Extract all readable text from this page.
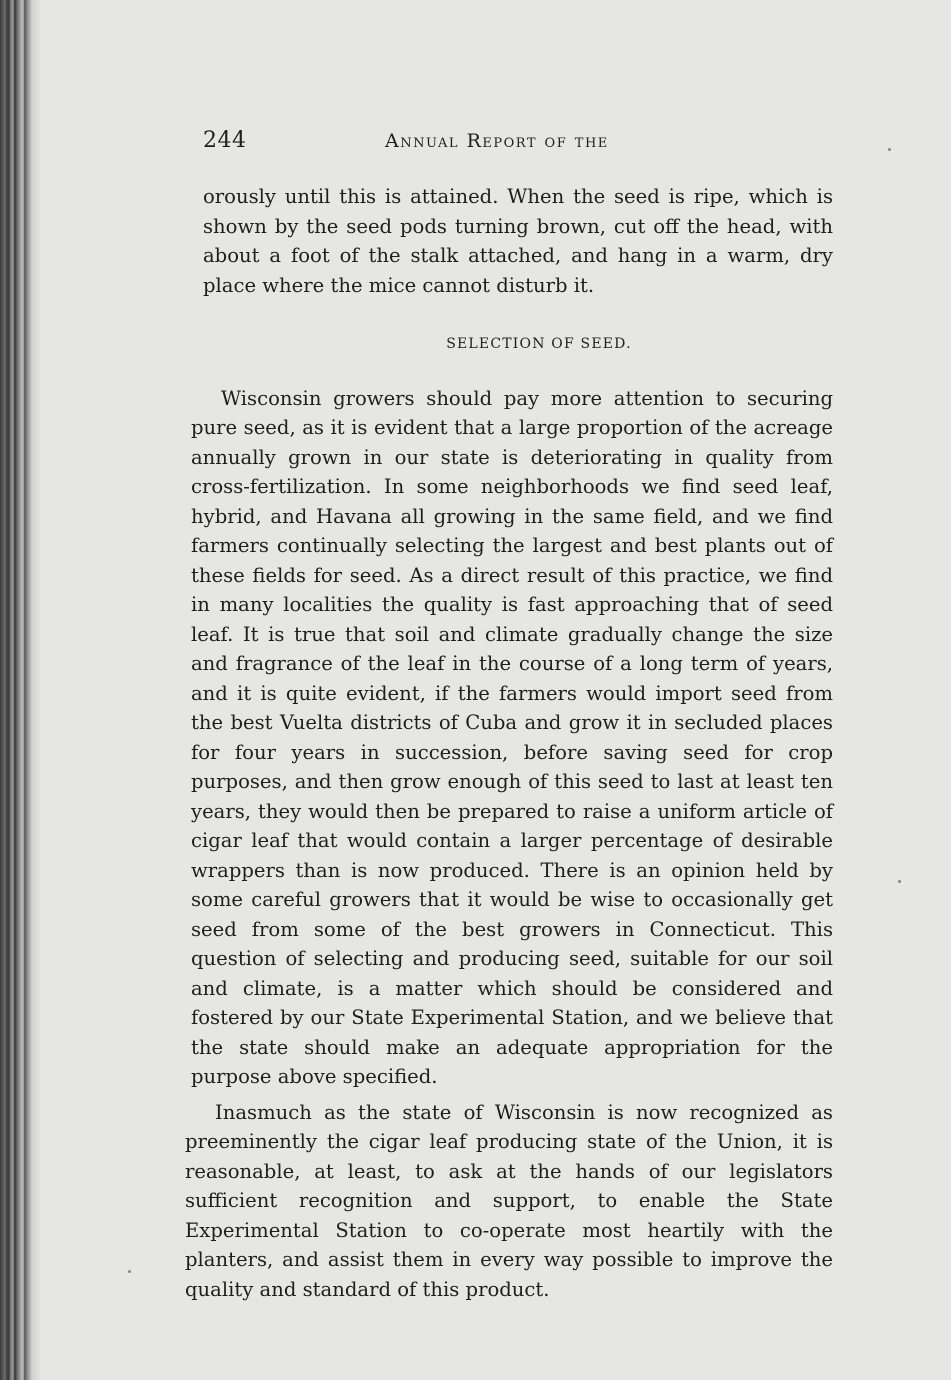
244	Annual Report of the

orously until this is attained. When the seed is ripe, which is shown by the seed pods turning brown, cut off the head, with about a foot of the stalk attached, and hang in a warm, dry place where the mice cannot disturb it.

SELECTION OF SEED.

Wisconsin growers should pay more attention to securing pure seed, as it is evident that a large proportion of the acreage annually grown in our state is deteriorating in quality from cross-fertilization. In some neighborhoods we find seed leaf, hybrid, and Havana all growing in the same field, and we find farmers continually selecting the largest and best plants out of these fields for seed. As a direct result of this practice, we find in many localities the quality is fast approaching that of seed leaf. It is true that soil and climate gradually change the size and fragrance of the leaf in the course of a long term of years, and it is quite evident, if the farmers would import seed from the best Vuelta districts of Cuba and grow it in secluded places for four years in succession, before saving seed for crop purposes, and then grow enough of this seed to last at least ten years, they would then be prepared to raise a uniform article of cigar leaf that would contain a larger percentage of desirable wrappers than is now produced. There is an opinion held by some careful growers that it would be wise to occasionally get seed from some of the best growers in Connecticut. This question of selecting and producing seed, suitable for our soil and climate, is a matter which should be considered and fostered by our State Experimental Station, and we believe that the state should make an adequate appropriation for the purpose above specified.

Inasmuch as the state of Wisconsin is now recognized as preeminently the cigar leaf producing state of the Union, it is reasonable, at least, to ask at the hands of our legislators sufficient recognition and support, to enable the State Experimental Station to co-operate most heartily with the planters, and assist them in every way possible to improve the quality and standard of this product.
